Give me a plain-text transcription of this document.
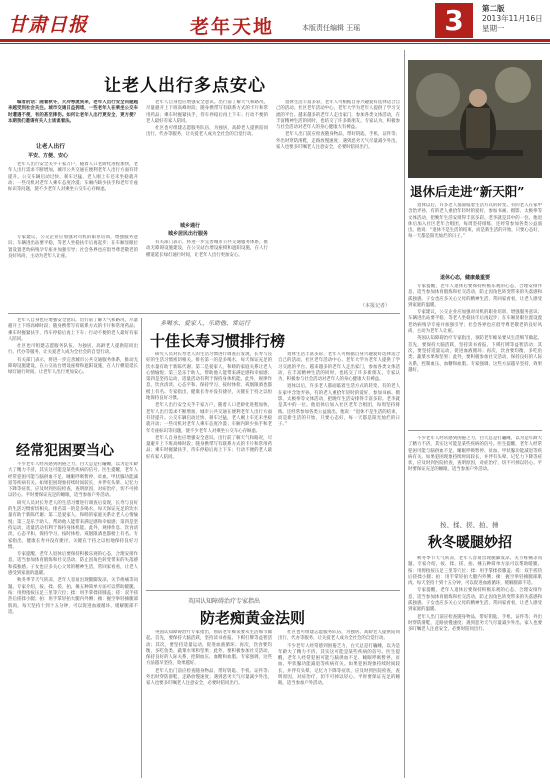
甘肃日报	老年天地	本版责任编辑 王瑶	3	第二版
2013年11月16日
星期一
让老人出行多点安心

编者的话：随着秋冬，天冷寒流到来，老年人出行安全问题越来越受到社会关注。城市交通日益拥堵，一些老年人在乘坐公交车时遭遇不便，有的甚至摔伤。如何让老年人出行更安全、更方便？本期我们邀请有关人士谈谈看法。

让老人出行
平安、方便、安心

老年人出行安全关乎千家万户，随着人口老龄化进程加快，老年人出行需求不断增加，城市公共交通在便利老年人出行方面有待提升。公交车辆启动过快、刹车过猛，老人刚上车还未坐稳就开动；一些司机对老年人乘车态度冷漠；车厢内缺少扶手和老年专座标识等问题，使不少老年人对乘坐公交车心存顾虑。

专家建议，公交企业应加强对司机的职业培训，增强服务意识；车辆进出站要平稳，等老人坐稳扶牢后再起步；在车厢显眼位置设置老幼病残孕专座并加强引导；社会各界也应倡导尊老敬老的良好风尚，主动为老年人让座。

老年人自身也应增强安全意识。出行前了解天气和路况，尽量避开上下班高峰时段；随身携带写有联系方式的卡片和常用药品；乘车时握紧扶手，待车停稳后再上下车；行动不便的老人最好有家人陪同。

社区也可组建志愿服务队伍，为独居、高龄老人提供陪同出行、代办等服务，让关爱老人成为全社会的自觉行动。

城乡通行
城乡居民出行服务

有关部门表示，将进一步完善城市公共交通服务体系，推动无障碍设施建设，在公交站台增设座椅和遮阳设施，在人行横道延长绿灯通行时间，让老年人出行更加安心。

退休生活丰富多彩，老年人可根据自身兴趣爱好选择适合自己的活动。社区老年活动中心、老年大学为老年人提供了学习交流的平台。越来越多的老年人走出家门，参加各类文体活动，在丰富精神生活的同时，也结交了许多新朋友。专家认为，积极参与社会活动对老年人的身心健康大有裨益。

老年人出门前应检查随身物品，带好钥匙、手机、证件等；外出时穿防滑鞋，走路放慢速度；遇到恶劣天气尽量减少外出。家人也要多叮嘱老人注意安全，必要时陪同出行。

（本报记者）
退休后走进“新天阳”

退休以后，许多老人都面临着生活方式的转变。有的老人在家中含饴弄孙，有的老人重拾年轻时的爱好，参加书画、摄影、太极拳等文体活动，把晚年生活安排得丰富多彩。老李就是其中的一位。他退休后加入社区老年合唱团，每周坚持排练，还经常参加各类公益演出。他说：“退休不是生活的结束，而是新生活的开始，只要心态好，每一天都是阳光灿烂的日子。”

退休心态，健康最重要

专家提醒，老年人退休后要保持积极乐观的心态，合理安排作息，适当参加体育锻炼和社交活动，防止因角色转变带来的失落感和孤独感。子女也应多关心父母的精神生活，常回家看看，让老人感受到家庭的温暖。

专家建议，公交企业应加强对司机的职业培训，增强服务意识；车辆进出站要平稳，等老人坐稳扶牢后再起步；在车厢显眼位置设置老幼病残孕专座并加强引导；社会各界也应倡导尊老敬老的良好风尚，主动为老年人让座。

英国认知障碍治疗专家指出，预防老年痴呆要从生活细节做起。首先，要保持大脑活跃，坚持读书看报、下棋打牌等益智活动；其次，要坚持适量运动，促进血液循环；再次，饮食要均衡，多吃鱼类、蔬菜水果和坚果；此外，要积极参加社交活动，保持良好的人际关系，控制血压、血糖和血脂。专家强调，这些方法越早坚持，效果越好。

多喝水、爱家人、乐助他、常运行
十佳长寿习惯排行榜

研究人员对长寿老人的生活习惯进行调查后发现，长寿与良好的生活习惯密切相关。排名第一的是多喝水，每天保证充足的饮水量有助于新陈代谢；第二是爱家人，和睦的家庭关系让老人心情愉悦；第三是乐于助人，帮助他人能带来满足感和幸福感；第四是坚持运动，适量活动有利于保持身体机能。此外，规律作息、饮食清淡、心态平和、保持学习、按时体检、戒烟限酒也都榜上有名。专家指出，健康长寿并没有捷径，关键在于持之以恒地保持良好习惯。

老年人出行安全关乎千家万户，随着人口老龄化进程加快，老年人出行需求不断增加，城市公共交通在便利老年人出行方面有待提升。公交车辆启动过快、刹车过猛，老人刚上车还未坐稳就开动；一些司机对老年人乘车态度冷漠；车厢内缺少扶手和老年专座标识等问题，使不少老年人对乘坐公交车心存顾虑。

老年人自身也应增强安全意识。出行前了解天气和路况，尽量避开上下班高峰时段；随身携带写有联系方式的卡片和常用药品；乘车时握紧扶手，待车停稳后再上下车；行动不便的老人最好有家人陪同。

退休生活丰富多彩，老年人可根据自身兴趣爱好选择适合自己的活动。社区老年活动中心、老年大学为老年人提供了学习交流的平台。越来越多的老年人走出家门，参加各类文体活动，在丰富精神生活的同时，也结交了许多新朋友。专家认为，积极参与社会活动对老年人的身心健康大有裨益。

退休以后，许多老人都面临着生活方式的转变。有的老人在家中含饴弄孙，有的老人重拾年轻时的爱好，参加书画、摄影、太极拳等文体活动，把晚年生活安排得丰富多彩。老李就是其中的一位。他退休后加入社区老年合唱团，每周坚持排练，还经常参加各类公益演出。他说：“退休不是生活的结束，而是新生活的开始，只要心态好，每一天都是阳光灿烂的日子。”

老年人自身也应增强安全意识。出行前了解天气和路况，尽量避开上下班高峰时段；随身携带写有联系方式的卡片和常用药品；乘车时握紧扶手，待车停稳后再上下车；行动不便的老人最好有家人陪同。

社区也可组建志愿服务队伍，为独居、高龄老人提供陪同出行、代办等服务，让关爱老人成为全社会的自觉行动。

有关部门表示，将进一步完善城市公共交通服务体系，推动无障碍设施建设，在公交站台增设座椅和遮阳设施，在人行横道延长绿灯通行时间，让老年人出行更加安心。

经常犯困要当心

不少老年人经常感到困倦乏力，白天总是打瞌睡，以为是年龄大了精力不济，其实这可能是某些疾病的信号。医生提醒，老年人经常犯困可能与脑供血不足、睡眠呼吸暂停、贫血、甲状腺功能减退等疾病有关。如果犯困现象持续时间较长，并伴有头晕、记忆力下降等症状，应及时到医院检查，查明原因，对症治疗，切不可掉以轻心。平时要保证充足的睡眠，适当参加户外活动。

研究人员对长寿老人的生活习惯进行调查后发现，长寿与良好的生活习惯密切相关。排名第一的是多喝水，每天保证充足的饮水量有助于新陈代谢；第二是爱家人，和睦的家庭关系让老人心情愉悦；第三是乐于助人，帮助他人能带来满足感和幸福感；第四是坚持运动，适量活动有利于保持身体机能。此外，规律作息、饮食清淡、心态平和、保持学习、按时体检、戒烟限酒也都榜上有名。专家指出，健康长寿并没有捷径，关键在于持之以恒地保持良好习惯。

专家提醒，老年人退休后要保持积极乐观的心态，合理安排作息，适当参加体育锻炼和社交活动，防止因角色转变带来的失落感和孤独感。子女也应多关心父母的精神生活，常回家看看，让老人感受到家庭的温暖。

秋冬季节天气转凉，老年人容易出现腿脚发凉、关节疼痛等问题。专家介绍，按、揉、搓、拍、捶五种简单方法可以帮助暖腿。按：用拇指按压足三里等穴位；揉：用手掌揉搓膝盖；搓：双手搓热后搓揉小腿；拍：用手掌轻拍大腿内外侧；捶：握空拳轻捶腿部肌肉。每天坚持十到十五分钟，可以促进血液循环，缓解腿部不适。

英国认知障碍治疗专家指出
防老痴黄金法则

英国认知障碍治疗专家指出，预防老年痴呆要从生活细节做起。首先，要保持大脑活跃，坚持读书看报、下棋打牌等益智活动；其次，要坚持适量运动，促进血液循环；再次，饮食要均衡，多吃鱼类、蔬菜水果和坚果；此外，要积极参加社交活动，保持良好的人际关系，控制血压、血糖和血脂。专家强调，这些方法越早坚持，效果越好。

老年人出门前应检查随身物品，带好钥匙、手机、证件等；外出时穿防滑鞋，走路放慢速度；遇到恶劣天气尽量减少外出。家人也要多叮嘱老人注意安全，必要时陪同出行。

社区也可组建志愿服务队伍，为独居、高龄老人提供陪同出行、代办等服务，让关爱老人成为全社会的自觉行动。

不少老年人经常感到困倦乏力，白天总是打瞌睡，以为是年龄大了精力不济，其实这可能是某些疾病的信号。医生提醒，老年人经常犯困可能与脑供血不足、睡眠呼吸暂停、贫血、甲状腺功能减退等疾病有关。如果犯困现象持续时间较长，并伴有头晕、记忆力下降等症状，应及时到医院检查，查明原因，对症治疗，切不可掉以轻心。平时要保证充足的睡眠，适当参加户外活动。

按、揉、搓、拍、捶
秋冬暖腿妙招

秋冬季节天气转凉，老年人容易出现腿脚发凉、关节疼痛等问题。专家介绍，按、揉、搓、拍、捶五种简单方法可以帮助暖腿。按：用拇指按压足三里等穴位；揉：用手掌揉搓膝盖；搓：双手搓热后搓揉小腿；拍：用手掌轻拍大腿内外侧；捶：握空拳轻捶腿部肌肉。每天坚持十到十五分钟，可以促进血液循环，缓解腿部不适。

专家提醒，老年人退休后要保持积极乐观的心态，合理安排作息，适当参加体育锻炼和社交活动，防止因角色转变带来的失落感和孤独感。子女也应多关心父母的精神生活，常回家看看，让老人感受到家庭的温暖。

老年人出门前应检查随身物品，带好钥匙、手机、证件等；外出时穿防滑鞋，走路放慢速度；遇到恶劣天气尽量减少外出。家人也要多叮嘱老人注意安全，必要时陪同出行。

不少老年人经常感到困倦乏力，白天总是打瞌睡，以为是年龄大了精力不济，其实这可能是某些疾病的信号。医生提醒，老年人经常犯困可能与脑供血不足、睡眠呼吸暂停、贫血、甲状腺功能减退等疾病有关。如果犯困现象持续时间较长，并伴有头晕、记忆力下降等症状，应及时到医院检查，查明原因，对症治疗，切不可掉以轻心。平时要保证充足的睡眠，适当参加户外活动。
